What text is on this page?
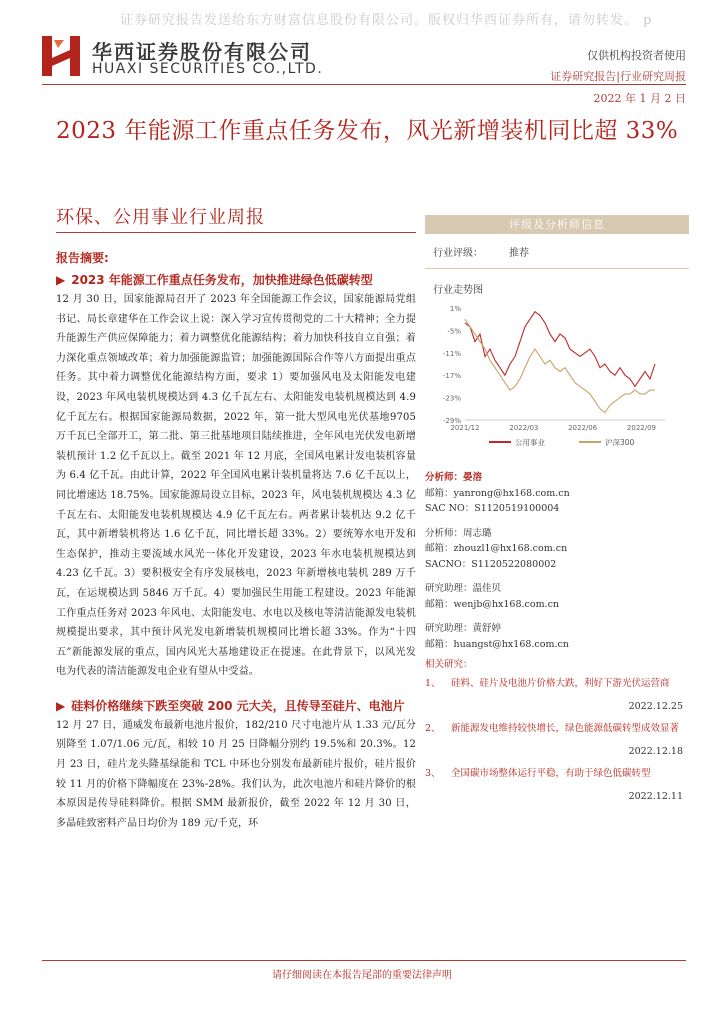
证券研究报告发送给东方财富信息股份有限公司。版权归华西证券所有，请勿转发。 p
华西证券股份有限公司
HUAXI SECURITIES CO.,LTD.
仅供机构投资者使用
证券研究报告|行业研究周报
2022 年 1 月 2 日
2023 年能源工作重点任务发布，风光新增装机同比超 33%
环保、公用事业行业周报
报告摘要:
▶ 2023 年能源工作重点任务发布，加快推进绿色低碳转型
12 月 30 日，国家能源局召开了 2023 年全国能源工作会议，国家能源局党组书记、局长章建华在工作会议上说：深入学习宣传贯彻党的二十大精神；全力提升能源生产供应保障能力；着力调整优化能源结构；着力加快科技自立自强；着力深化重点领域改革；着力加强能源监管；加强能源国际合作等八方面提出重点任务。其中着力调整优化能源结构方面，要求 1）要加强风电及太阳能发电建设，2023 年风电装机规模达到 4.3 亿千瓦左右、太阳能发电装机规模达到 4.9 亿千瓦左右。根据国家能源局数据，2022 年，第一批大型风电光伏基地9705 万千瓦已全部开工，第二批、第三批基地项目陆续推进，全年风电光伏发电新增装机预计 1.2 亿千瓦以上。截至 2021 年 12 月底，全国风电累计发电装机容量为 6.4 亿千瓦。由此计算，2022 年全国风电累计装机量将达 7.6 亿千瓦以上，同比增速达 18.75%。国家能源局设立目标，2023 年，风电装机规模达 4.3 亿千瓦左右、太阳能发电装机规模达 4.9 亿千瓦左右。两者累计装机达 9.2 亿千瓦，其中新增装机将达 1.6 亿千瓦，同比增长超 33%。2）要统筹水电开发和生态保护，推动主要流域水风光一体化开发建设，2023 年水电装机规模达到 4.23 亿千瓦。3）要积极安全有序发展核电，2023 年新增核电装机 289 万千瓦，在运规模达到 5846 万千瓦。4）要加强民生用能工程建设。2023 年能源工作重点任务对 2023 年风电、太阳能发电、水电以及核电等清洁能源发电装机规模提出要求，其中预计风光发电新增装机规模同比增长超 33%。作为“十四五”新能源发展的重点，国内风光大基地建设正在提速。在此背景下，以风光发电为代表的清洁能源发电企业有望从中受益。
▶ 硅料价格继续下跌至突破 200 元大关，且传导至硅片、电池片
12 月 27 日，通威发布最新电池片报价，182/210 尺寸电池片从 1.33 元/瓦分别降至 1.07/1.06 元/瓦，相较 10 月 25 日降幅分别约 19.5%和 20.3%。12 月 23 日，硅片龙头隆基绿能和 TCL 中环也分别发布最新硅片报价，硅片报价较 11 月的价格下降幅度在 23%-28%。我们认为，此次电池片和硅片降价的根本原因是传导硅料降价。根据 SMM 最新报价，截至 2022 年 12 月 30 日，多晶硅致密料产品日均价为 189 元/千克，环
评级及分析师信息
行业评级：	推荐
行业走势图
1%
-5%
-11%
-17%
-23%
-29%
2021/12	2022/03	2022/06	2022/09
公用事业	沪深300
分析师：晏溶
邮箱：yanrong@hx168.com.cn
SAC NO：S1120519100004
分析师：周志璐
邮箱：zhouzl1@hx168.com.cn
SACNO：S1120522080002
研究助理：温佳贝
邮箱：wenjb@hx168.com.cn
研究助理：黄舒婷
邮箱：huangst@hx168.com.cn
相关研究：
1、	硅料、硅片及电池片价格大跌，利好下游光伏运营商
2022.12.25
2、	新能源发电维持较快增长，绿色能源低碳转型成效显著
2022.12.18
3、	全国碳市场整体运行平稳，有助于绿色低碳转型
2022.12.11
请仔细阅读在本报告尾部的重要法律声明
